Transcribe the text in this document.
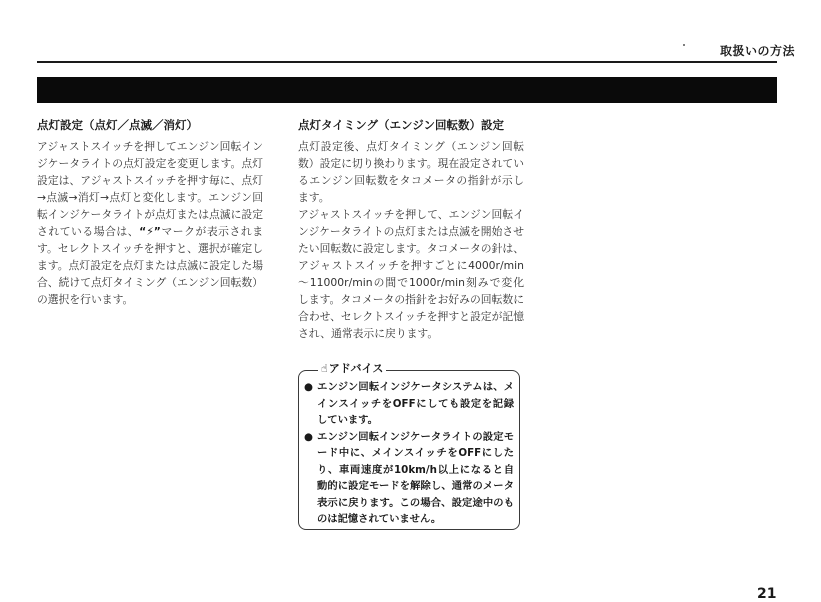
取扱いの方法
点灯設定（点灯／点滅／消灯）
アジャストスイッチを押してエンジン回転インジケータライトの点灯設定を変更します。点灯設定は、アジャストスイッチを押す毎に、点灯→点滅→消灯→点灯と変化します。エンジン回転インジケータライトが点灯または点滅に設定されている場合は、“⚡”マークが表示されます。セレクトスイッチを押すと、選択が確定します。点灯設定を点灯または点滅に設定した場合、続けて点灯タイミング（エンジン回転数）の選択を行います。
点灯タイミング（エンジン回転数）設定

点灯設定後、点灯タイミング（エンジン回転数）設定に切り換わります。現在設定されているエンジン回転数をタコメータの指針が示します。

アジャストスイッチを押して、エンジン回転インジケータライトの点灯または点滅を開始させたい回転数に設定します。タコメータの針は、アジャストスイッチを押すごとに4000r/min～11000r/minの間で1000r/min刻みで変化します。タコメータの指針をお好みの回転数に合わせ、セレクトスイッチを押すと設定が記憶され、通常表示に戻ります。

☝アドバイス
● エンジン回転インジケータシステムは、メインスイッチをOFFにしても設定を記録しています。
● エンジン回転インジケータライトの設定モード中に、メインスイッチをOFFにしたり、車両速度が10km/h以上になると自動的に設定モードを解除し、通常のメータ表示に戻ります。この場合、設定途中のものは記憶されていません。
21
